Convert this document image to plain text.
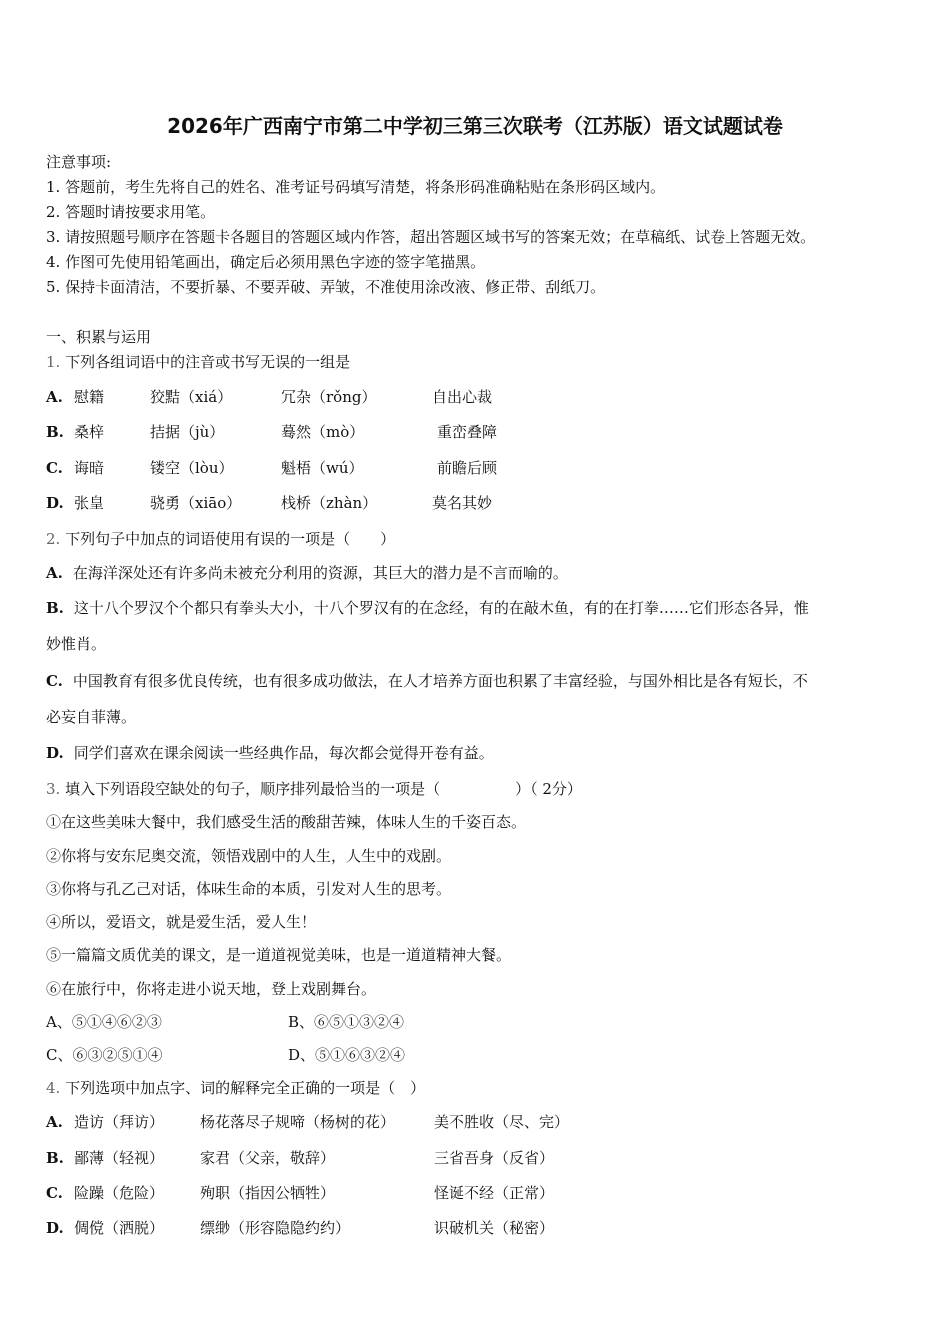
2026年广西南宁市第二中学初三第三次联考（江苏版）语文试题试卷
注意事项:
1. 答题前，考生先将自己的姓名、准考证号码填写清楚，将条形码准确粘贴在条形码区域内。
2. 答题时请按要求用笔。
3. 请按照题号顺序在答题卡各题目的答题区域内作答，超出答题区域书写的答案无效；在草稿纸、试卷上答题无效。
4. 作图可先使用铅笔画出，确定后必须用黑色字迹的签字笔描黑。
5. 保持卡面清洁，不要折暴、不要弄破、弄皱，不准使用涂改液、修正带、刮纸刀。
一、积累与运用
1. 下列各组词语中的注音或书写无误的一组是
A. 慰籍	狡黠（xiá）	冗杂（rǒng）	自出心裁
B. 桑梓	拮据（jù）	蓦然（mò）	重峦叠障
C. 诲暗	镂空（lòu）	魁梧（wú）	前瞻后顾
D. 张皇	骁勇（xiāo）	栈桥（zhàn）	莫名其妙
2. 下列句子中加点的词语使用有误的一项是（　　）
A. 在海洋深处还有许多尚未被充分利用的资源，其巨大的潜力是不言而喻的。
B. 这十八个罗汉个个都只有拳头大小，十八个罗汉有的在念经，有的在敲木鱼，有的在打拳……它们形态各异，惟
妙惟肖。
C. 中国教育有很多优良传统，也有很多成功做法，在人才培养方面也积累了丰富经验，与国外相比是各有短长，不
必妄自菲薄。
D. 同学们喜欢在课余阅读一些经典作品，每次都会觉得开卷有益。
3. 填入下列语段空缺处的句子，顺序排列最恰当的一项是（　　　　　）（ 2分）
①在这些美味大餐中，我们感受生活的酸甜苦辣，体味人生的千姿百态。
②你将与安东尼奥交流，领悟戏剧中的人生，人生中的戏剧。
③你将与孔乙己对话，体味生命的本质，引发对人生的思考。
④所以，爱语文，就是爱生活，爱人生！
⑤一篇篇文质优美的课文，是一道道视觉美味，也是一道道精神大餐。
⑥在旅行中，你将走进小说天地，登上戏剧舞台。
A、⑤①④⑥②③	B、⑥⑤①③②④
C、⑥③②⑤①④	D、⑤①⑥③②④
4. 下列选项中加点字、词的解释完全正确的一项是（　）
A. 造访（拜访） 杨花落尽子规啼（杨树的花）	美不胜收（尽、完）
B. 鄙薄（轻视） 家君（父亲，敬辞）	三省吾身（反省）
C. 险躁（危险） 殉职（指因公牺牲）	怪诞不经（正常）
D. 倜傥（洒脱） 缥缈（形容隐隐约约）	识破机关（秘密）
